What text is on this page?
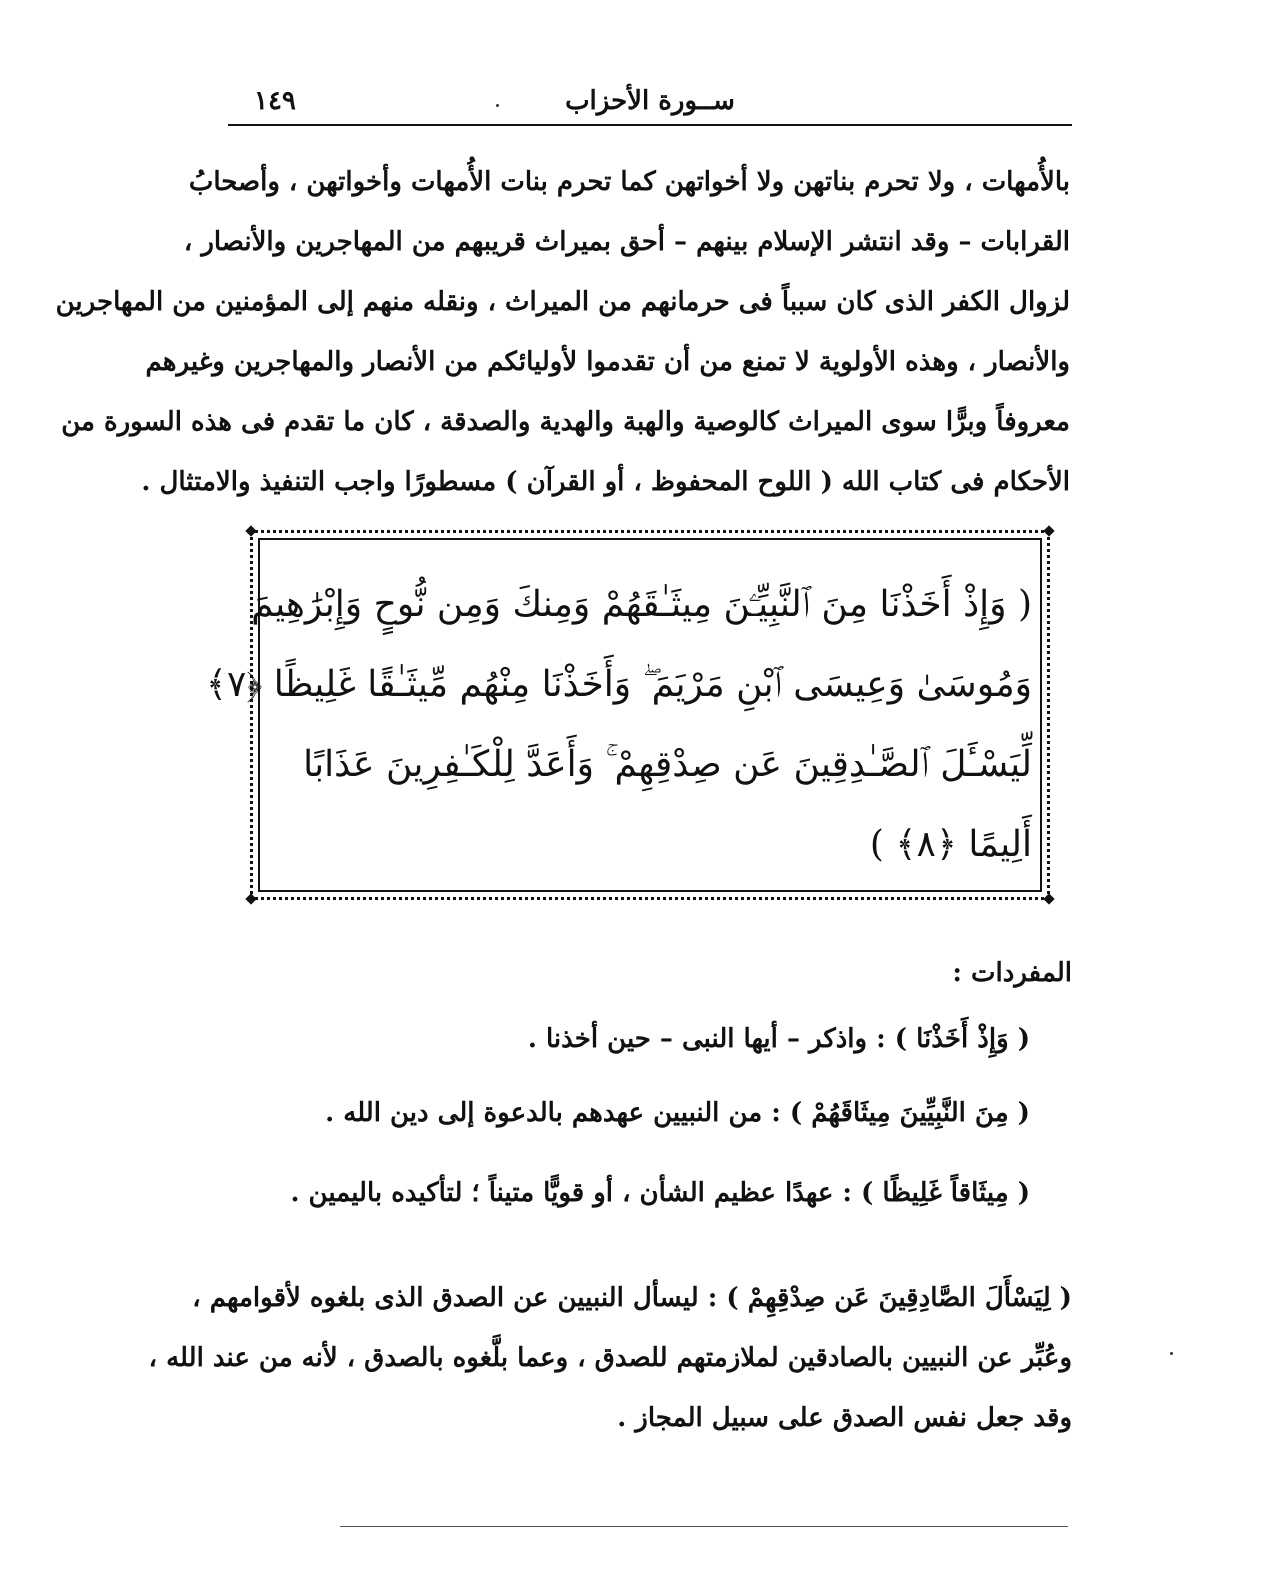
ســورة الأحزاب
١٤٩
بالأُمهات ، ولا تحرم بناتهن ولا أخواتهن كما تحرم بنات الأُمهات وأخواتهن ، وأصحابُ
القرابات – وقد انتشر الإسلام بينهم – أحق بميراث قريبهم من المهاجرين والأنصار ،
لزوال الكفر الذى كان سبباً فى حرمانهم من الميراث ، ونقله منهم إلى المؤمنين من المهاجرين
والأنصار ، وهذه الأولوية لا تمنع من أن تقدموا لأوليائكم من الأنصار والمهاجرين وغيرهم
معروفاً وبرًّا سوى الميراث كالوصية والهبة والهدية والصدقة ، كان ما تقدم فى هذه السورة من
الأحكام فى كتاب الله ( اللوح المحفوظ ، أو القرآن ) مسطورًا واجب التنفيذ والامتثال .
( وَإِذْ أَخَذْنَا مِنَ ٱلنَّبِيِّـۧنَ مِيثَـٰقَهُمْ وَمِنكَ وَمِن نُّوحٍ وَإِبْرَٰهِيمَ
وَمُوسَىٰ وَعِيسَى ٱبْنِ مَرْيَمَ ۖ وَأَخَذْنَا مِنْهُم مِّيثَـٰقًا غَلِيظًا ﴿٧﴾
لِّيَسْـَٔلَ ٱلصَّـٰدِقِينَ عَن صِدْقِهِمْ ۚ وَأَعَدَّ لِلْكَـٰفِرِينَ عَذَابًا
أَلِيمًا ﴿٨﴾ )
المفردات :
( وَإِذْ أَخَذْنَا ) : واذكر – أيها النبى – حين أخذنا .
( مِنَ النَّبِيِّينَ مِيثَاقَهُمْ ) : من النبيين عهدهم بالدعوة إلى دين الله .
( مِيثَاقاً غَلِيظًا ) : عهدًا عظيم الشأن ، أو قويًّا متيناً ؛ لتأكيده باليمين .
( لِيَسْأَلَ الصَّادِقِينَ عَن صِدْقِهِمْ ) : ليسأل النبيين عن الصدق الذى بلغوه لأقوامهم ،
وعُبِّر عن النبيين بالصادقين لملازمتهم للصدق ، وعما بلَّغوه بالصدق ، لأنه من عند الله ،
وقد جعل نفس الصدق على سبيل المجاز .
